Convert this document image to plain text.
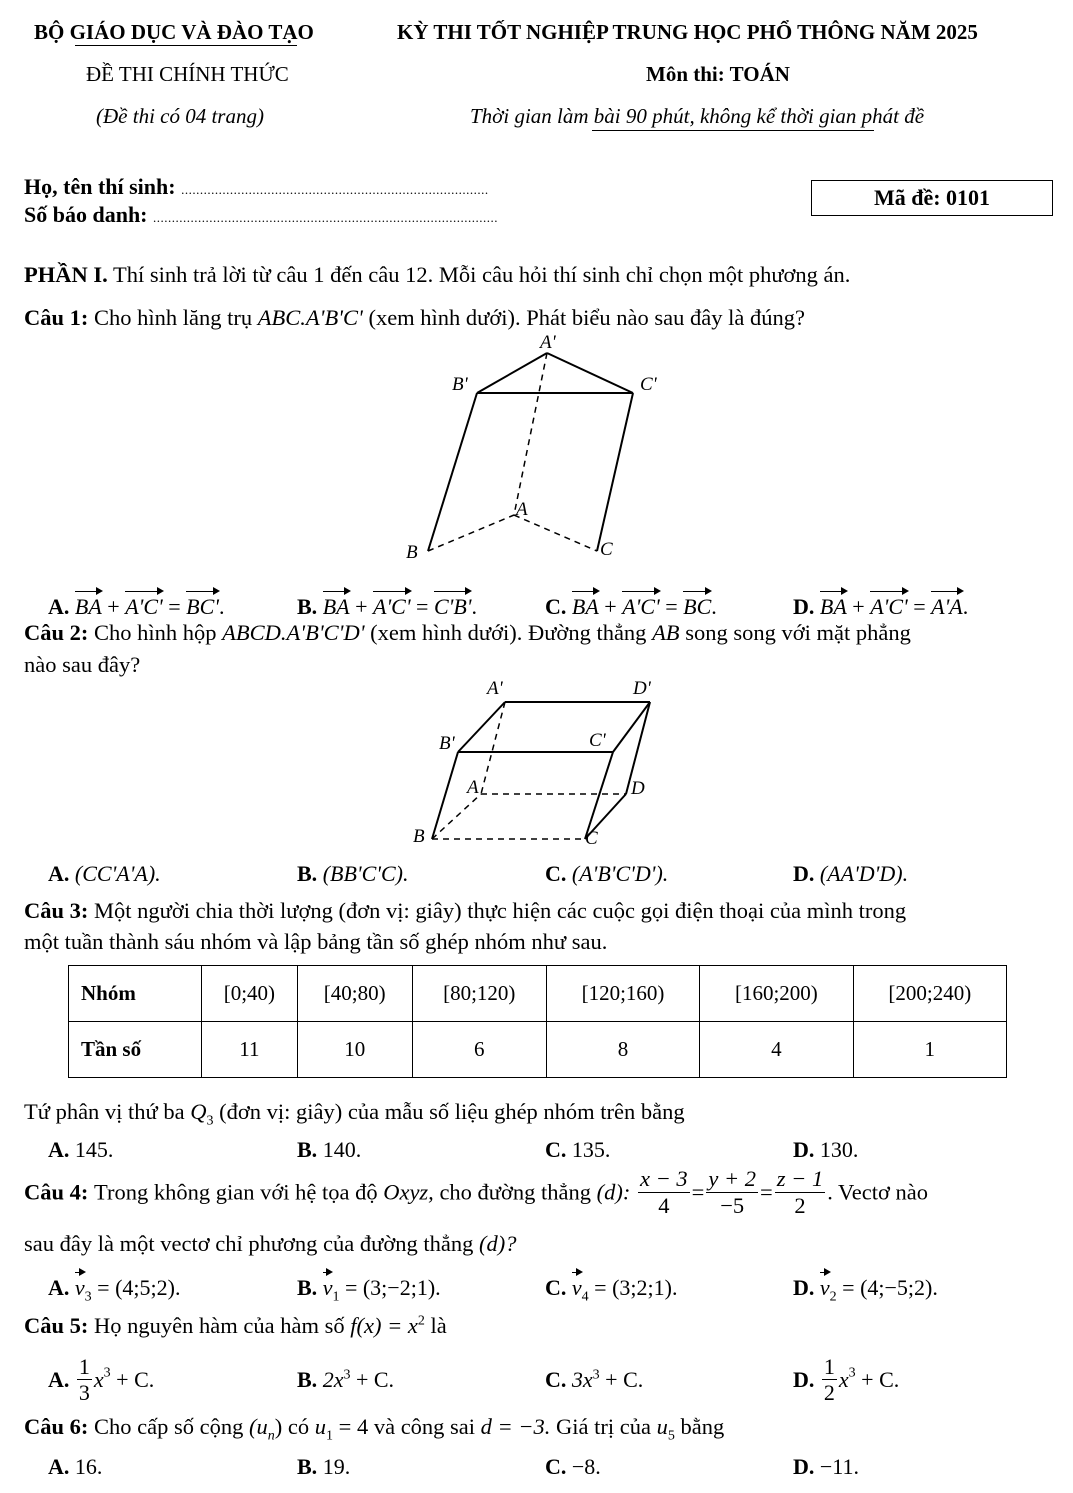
BỘ GIÁO DỤC VÀ ĐÀO TẠO	KỲ THI TỐT NGHIỆP TRUNG HỌC PHỔ THÔNG NĂM 2025
ĐỀ THI CHÍNH THỨC	Môn thi: TOÁN
(Đề thi có 04 trang)	Thời gian làm bài 90 phút, không kể thời gian phát đề
Họ, tên thí sinh: ..................................................................................
Số báo danh: ............................................................................................
Mã đề: 0101
PHẦN I. Thí sinh trả lời từ câu 1 đến câu 12. Mỗi câu hỏi thí sinh chỉ chọn một phương án.
Câu 1: Cho hình lăng trụ ABC.A'B'C' (xem hình dưới). Phát biểu nào sau đây là đúng?
A'
B'	C'
A
B	C
A. BA + A'C' = BC'.	B. BA + A'C' = C'B'.	C. BA + A'C' = BC.	D. BA + A'C' = A'A.
Câu 2: Cho hình hộp ABCD.A'B'C'D' (xem hình dưới). Đường thẳng AB song song với mặt phẳng
nào sau đây?
A'	D'
B'	C'
A	D
B	C
A. (CC'A'A).	B. (BB'C'C).	C. (A'B'C'D').	D. (AA'D'D).
Câu 3: Một người chia thời lượng (đơn vị: giây) thực hiện các cuộc gọi điện thoại của mình trong
một tuần thành sáu nhóm và lập bảng tần số ghép nhóm như sau.
Nhóm	[0;40)	[40;80)	[80;120)	[120;160)	[160;200)	[200;240)
Tần số	11	10	6	8	4	1
Tứ phân vị thứ ba $Q_3$ (đơn vị: giây) của mẫu số liệu ghép nhóm trên bằng
A. 145.	B. 140.	C. 135.	D. 130.
Câu 4: Trong không gian với hệ tọa độ Oxyz, cho đường thẳng (d): $\frac{x - 3}{4} = \frac{y + 2}{-5} = \frac{z - 1}{2}$ . Vectơ nào
sau đây là một vectơ chỉ phương của đường thẳng (d)?
A. $v_3$ = (4;5;2).	B. $v_1$ = (3;−2;1).	C. $v_4$ = (3;2;1).	D. $v_2$ = (4;−5;2).
Câu 5: Họ nguyên hàm của hàm số $f(x) = x^2$ là
A. $\frac{1}{3} x^3 + C$.	B. $2x^3 + C$.	C. $3x^3 + C$.	D. $\frac{1}{2} x^3 + C$.
Câu 6: Cho cấp số cộng $(u_n)$ có $u_1 = 4$ và công sai d = −3. Giá trị của $u_5$ bằng
A. 16.	B. 19.	C. −8.	D. −11.
